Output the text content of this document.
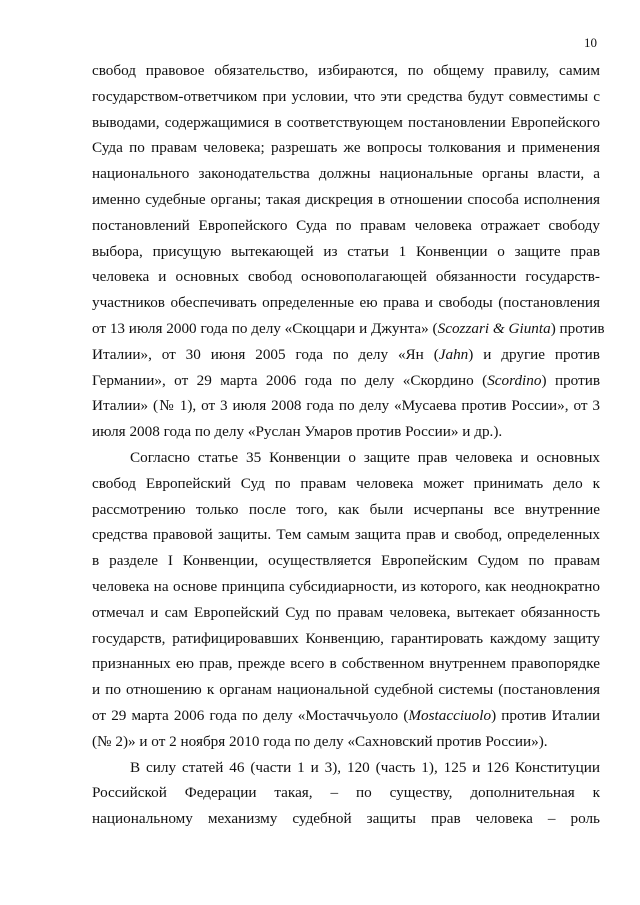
10
свобод правовое обязательство, избираются, по общему правилу, самим
государством-ответчиком при условии, что эти средства будут совместимы с
выводами, содержащимися в соответствующем постановлении Европейского
Суда по правам человека; разрешать же вопросы толкования и применения
национального законодательства должны национальные органы власти, а
именно судебные органы; такая дискреция в отношении способа исполнения
постановлений Европейского Суда по правам человека отражает свободу
выбора, присущую вытекающей из статьи 1 Конвенции о защите прав
человека и основных свобод основополагающей обязанности государств-
участников обеспечивать определенные ею права и свободы (постановления
от 13 июля 2000 года по делу «Скоццари и Джунта» (Scozzari & Giunta) против
Италии», от 30 июня 2005 года по делу «Ян (Jahn) и другие против
Германии», от 29 марта 2006 года по делу «Скордино (Scordino) против
Италии» (№ 1), от 3 июля 2008 года по делу «Мусаева против России», от 3
июля 2008 года по делу «Руслан Умаров против России» и др.).
Согласно статье 35 Конвенции о защите прав человека и основных
свобод Европейский Суд по правам человека может принимать дело к
рассмотрению только после того, как были исчерпаны все внутренние
средства правовой защиты. Тем самым защита прав и свобод, определенных
в разделе I Конвенции, осуществляется Европейским Судом по правам
человека на основе принципа субсидиарности, из которого, как неоднократно
отмечал и сам Европейский Суд по правам человека, вытекает обязанность
государств, ратифицировавших Конвенцию, гарантировать каждому защиту
признанных ею прав, прежде всего в собственном внутреннем правопорядке
и по отношению к органам национальной судебной системы (постановления
от 29 марта 2006 года по делу «Мостаччьуоло (Mostacciuolo) против Италии
(№ 2)» и от 2 ноября 2010 года по делу «Сахновский против России»).
В силу статей 46 (части 1 и 3), 120 (часть 1), 125 и 126 Конституции
Российской Федерации такая, – по существу, дополнительная к
национальному механизму судебной защиты прав человека – роль
